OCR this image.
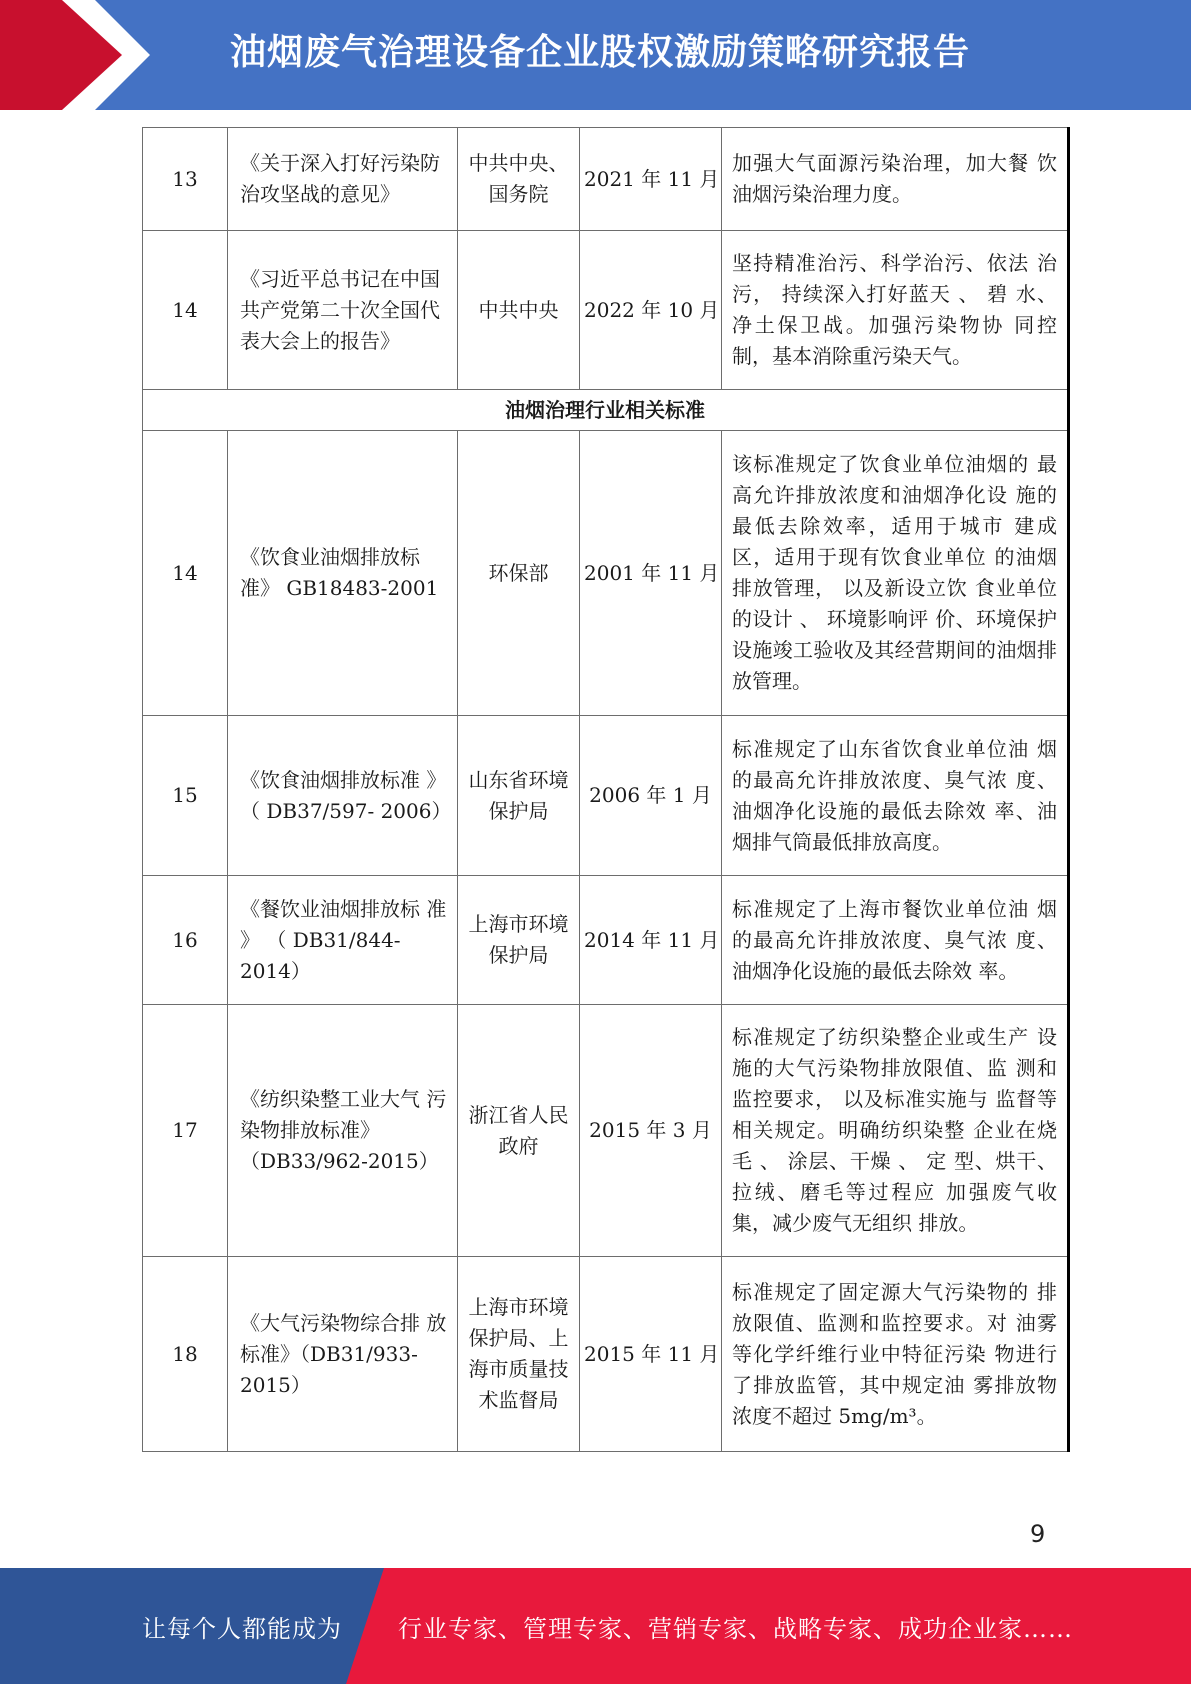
油烟废气治理设备企业股权激励策略研究报告
13	《关于深入打好污染防治攻坚战的意见》	中共中央、国务院	2021 年 11 月	加强大气面源污染治理，加大餐 饮油烟污染治理力度。
14	《习近平总书记在中国共产党第二十次全国代表大会上的报告》	中共中央	2022 年 10 月	坚持精准治污、科学治污、依法 治污， 持续深入打好蓝天 、 碧 水、净土保卫战。加强污染物协 同控制，基本消除重污染天气。
油烟治理行业相关标准				
14	《饮食业油烟排放标 准》 GB18483-2001	环保部	2001 年 11 月	该标准规定了饮食业单位油烟的 最高允许排放浓度和油烟净化设 施的最低去除效率，适用于城市 建成区，适用于现有饮食业单位 的油烟排放管理， 以及新设立饮 食业单位的设计 、 环境影响评 价、环境保护设施竣工验收及其经营期间的油烟排放管理。
15	《饮食油烟排放标准 》 （ DB37/597- 2006）	山东省环境保护局	2006 年 1 月	标准规定了山东省饮食业单位油 烟的最高允许排放浓度、臭气浓 度、油烟净化设施的最低去除效 率、油烟排气筒最低排放高度。
16	《餐饮业油烟排放标 准 》 （ DB31/844- 2014）	上海市环境保护局	2014 年 11 月	标准规定了上海市餐饮业单位油 烟的最高允许排放浓度、臭气浓 度、油烟净化设施的最低去除效 率。
17	《纺织染整工业大气 污染物排放标准》（DB33/962-2015）	浙江省人民政府	2015 年 3 月	标准规定了纺织染整企业或生产 设施的大气污染物排放限值、监 测和监控要求， 以及标准实施与 监督等相关规定。明确纺织染整 企业在烧毛 、 涂层、干燥 、 定 型、烘干、拉绒、磨毛等过程应 加强废气收集，减少废气无组织 排放。
18	《大气污染物综合排 放标准》（DB31/933- 2015）	上海市环境保护局、上海市质量技术监督局	2015 年 11 月	标准规定了固定源大气污染物的 排放限值、监测和监控要求。对 油雾等化学纤维行业中特征污染 物进行了排放监管，其中规定油 雾排放物浓度不超过 5mg/m³。
9
让每个人都能成为 行业专家、管理专家、营销专家、战略专家、成功企业家……
